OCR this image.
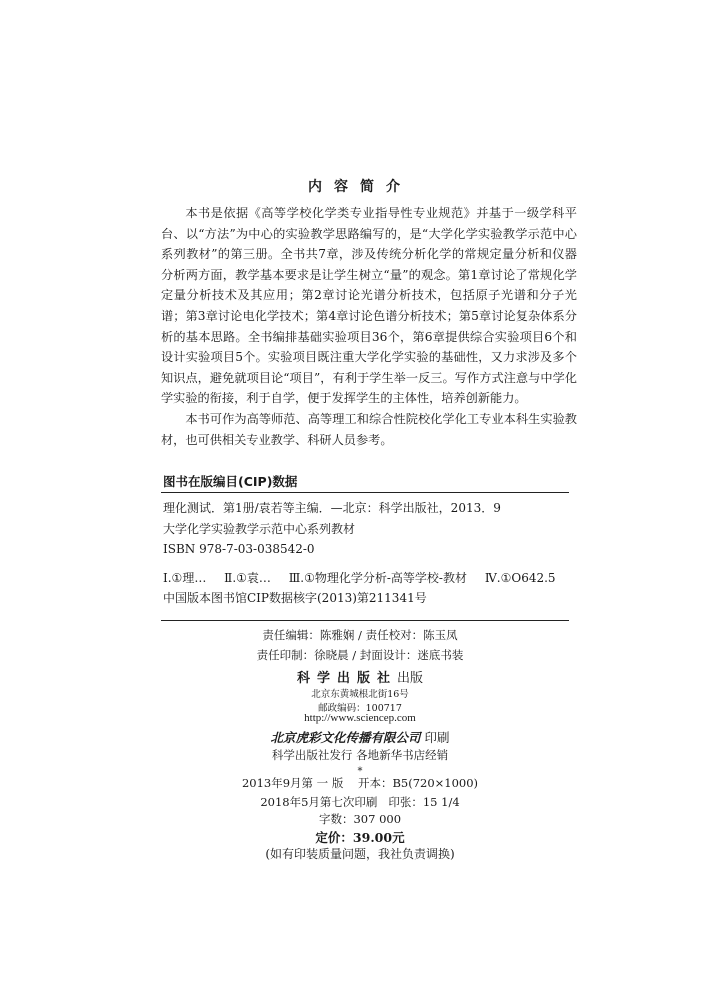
内容简介

本书是依据《高等学校化学类专业指导性专业规范》并基于一级学科平台、以“方法”为中心的实验教学思路编写的，是“大学化学实验教学示范中心系列教材”的第三册。全书共7章，涉及传统分析化学的常规定量分析和仪器分析两方面，教学基本要求是让学生树立“量”的观念。第1章讨论了常规化学定量分析技术及其应用；第2章讨论光谱分析技术，包括原子光谱和分子光谱；第3章讨论电化学技术；第4章讨论色谱分析技术；第5章讨论复杂体系分析的基本思路。全书编排基础实验项目36个，第6章提供综合实验项目6个和设计实验项目5个。实验项目既注重大学化学实验的基础性，又力求涉及多个知识点，避免就项目论“项目”，有利于学生举一反三。写作方式注意与中学化学实验的衔接，利于自学，便于发挥学生的主体性，培养创新能力。

本书可作为高等师范、高等理工和综合性院校化学化工专业本科生实验教材，也可供相关专业教学、科研人员参考。

图书在版编目(CIP)数据
理化测试．第1册/袁若等主编．—北京：科学出版社，2013．9
大学化学实验教学示范中心系列教材
ISBN 978-7-03-038542-0
Ⅰ.①理… Ⅱ.①袁… Ⅲ.①物理化学分析-高等学校-教材 Ⅳ.①O642.5
中国版本图书馆CIP数据核字(2013)第211341号
责任编辑：陈雅娴 / 责任校对：陈玉凤
责任印制：徐晓晨 / 封面设计：迷底书装
科学出版社出版
北京东黄城根北街16号
邮政编码：100717
http://www.sciencep.com
北京虎彩文化传播有限公司 印刷
科学出版社发行 各地新华书店经销
*
2013年9月第 一 版    开本：B5(720×1000)
2018年5月第七次印刷   印张：15 1/4
字数：307 000
定价：39.00元
(如有印装质量问题，我社负责调换)
